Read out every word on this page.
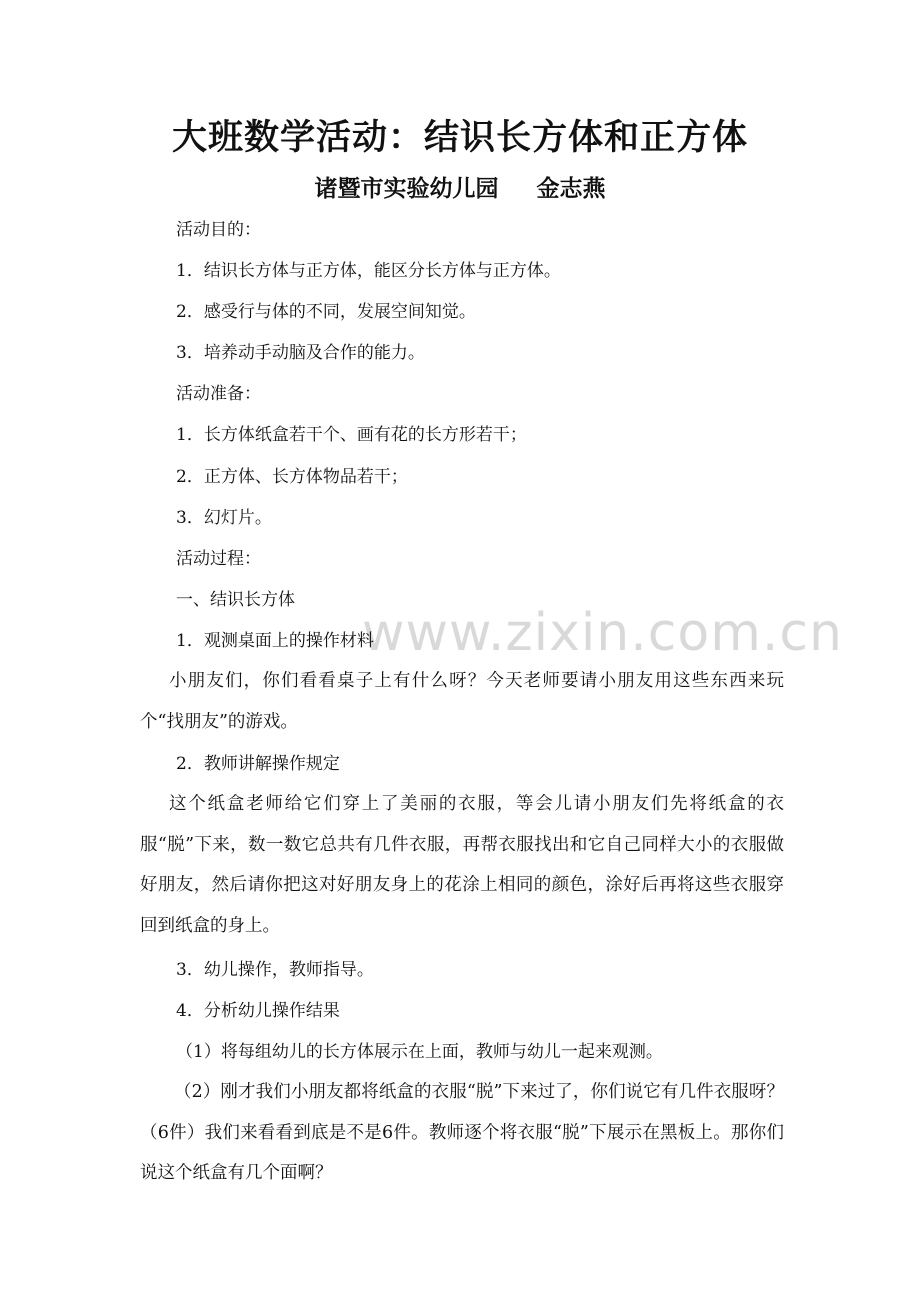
www.zixin.com.cn
大班数学活动：结识长方体和正方体
诸暨市实验幼儿园 金志燕
活动目的：
1．结识长方体与正方体，能区分长方体与正方体。
2．感受行与体的不同，发展空间知觉。
3．培养动手动脑及合作的能力。
活动准备：
1．长方体纸盒若干个、画有花的长方形若干；
2．正方体、长方体物品若干；
3．幻灯片。
活动过程：
一、结识长方体
1．观测桌面上的操作材料
小朋友们，你们看看桌子上有什么呀？今天老师要请小朋友用这些东西来玩个“找朋友”的游戏。
2．教师讲解操作规定
这个纸盒老师给它们穿上了美丽的衣服，等会儿请小朋友们先将纸盒的衣服“脱”下来，数一数它总共有几件衣服，再帮衣服找出和它自己同样大小的衣服做好朋友，然后请你把这对好朋友身上的花涂上相同的颜色，涂好后再将这些衣服穿回到纸盒的身上。
3．幼儿操作，教师指导。
4．分析幼儿操作结果
（1）将每组幼儿的长方体展示在上面，教师与幼儿一起来观测。
（2）刚才我们小朋友都将纸盒的衣服“脱”下来过了，你们说它有几件衣服呀？（6件）我们来看看到底是不是6件。教师逐个将衣服“脱”下展示在黑板上。那你们说这个纸盒有几个面啊？
